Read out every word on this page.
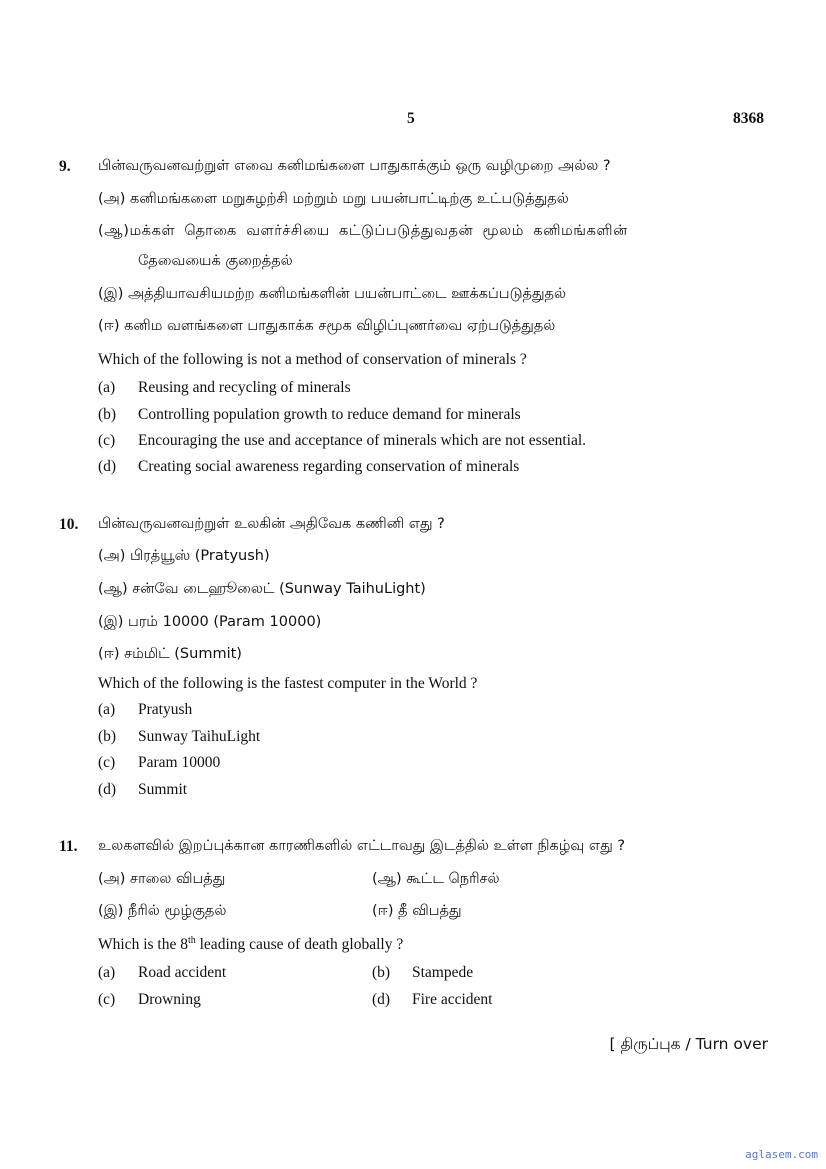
5	8368
9. பின்வருவனவற்றுள் எவை கனிமங்களை பாதுகாக்கும் ஒரு வழிமுறை அல்ல ?
(அ) கனிமங்களை மறுசுழற்சி மற்றும் மறு பயன்பாட்டிற்கு உட்படுத்துதல்
(ஆ)மக்கள் தொகை வளர்ச்சியை கட்டுப்படுத்துவதன் மூலம் கனிமங்களின்
தேவையைக் குறைத்தல்
(இ) அத்தியாவசியமற்ற கனிமங்களின் பயன்பாட்டை ஊக்கப்படுத்துதல்
(ஈ) கனிம வளங்களை பாதுகாக்க சமூக விழிப்புணர்வை ஏற்படுத்துதல்
Which of the following is not a method of conservation of minerals ?
(a) Reusing and recycling of minerals
(b) Controlling population growth to reduce demand for minerals
(c) Encouraging the use and acceptance of minerals which are not essential.
(d) Creating social awareness regarding conservation of minerals
10. பின்வருவனவற்றுள் உலகின் அதிவேக கணினி எது ?
(அ) பிரத்யூஸ் (Pratyush)
(ஆ) சன்வே டைஹூலைட் (Sunway TaihuLight)
(இ) பரம் 10000 (Param 10000)
(ஈ) சம்மிட் (Summit)
Which of the following is the fastest computer in the World ?
(a) Pratyush
(b) Sunway TaihuLight
(c) Param 10000
(d) Summit
11. உலகளவில் இறப்புக்கான காரணிகளில் எட்டாவது இடத்தில் உள்ள நிகழ்வு எது ?
(அ) சாலை விபத்து	(ஆ) கூட்ட நெரிசல்
(இ) நீரில் மூழ்குதல்	(ஈ) தீ விபத்து
Which is the 8th leading cause of death globally ?
(a) Road accident	(b) Stampede
(c) Drowning	(d) Fire accident
[ திருப்புக / Turn over
aglasem.com
